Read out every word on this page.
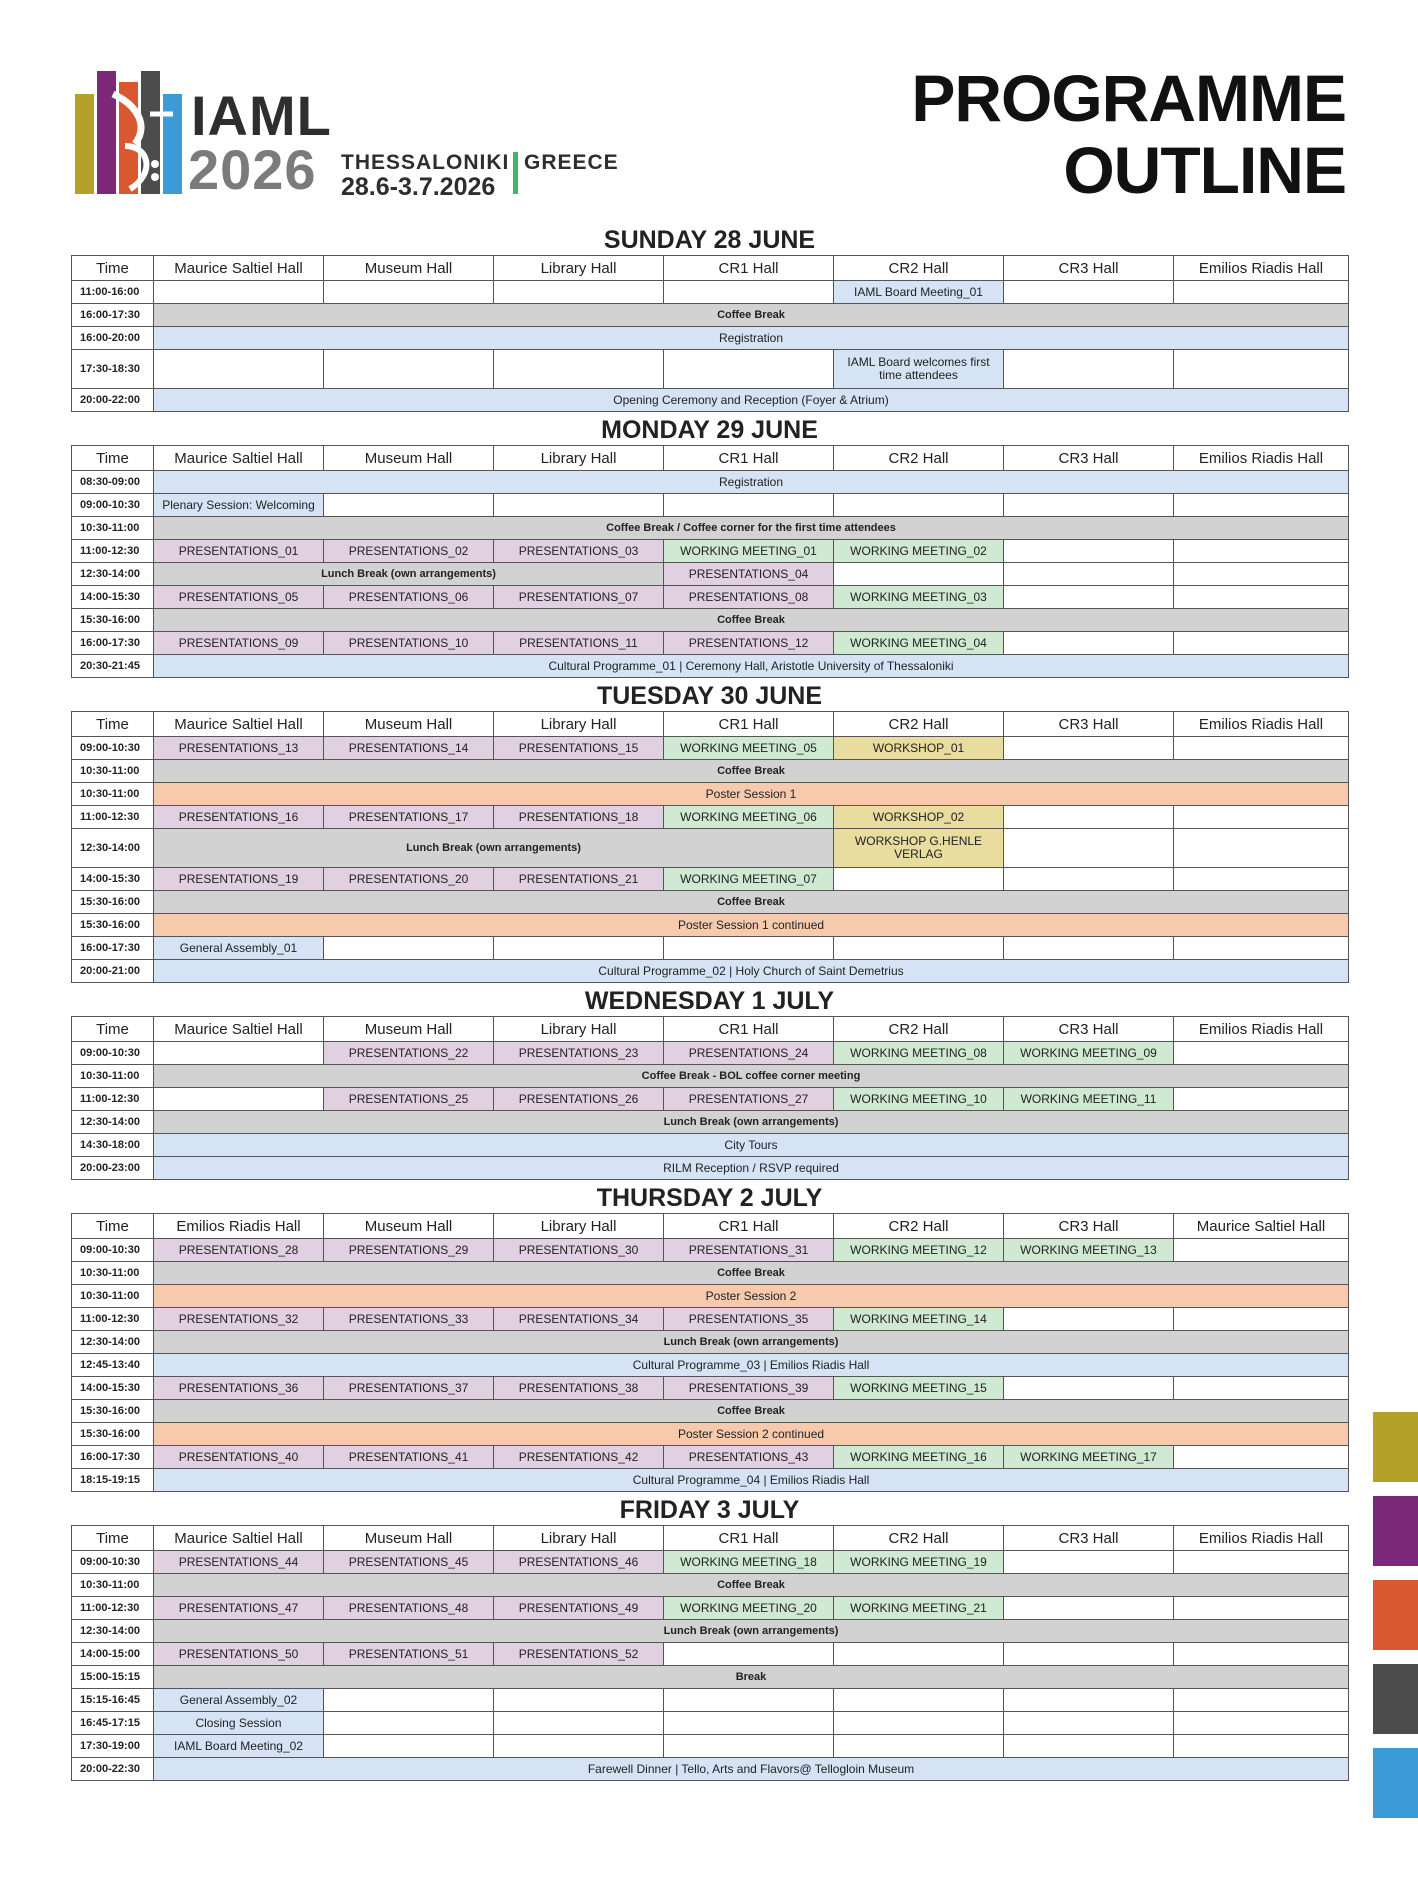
IAML
2026 THESSALONIKI GREECE
28.6-3.7.2026
PROGRAMME
OUTLINE
SUNDAY 28 JUNE
Time	Maurice Saltiel Hall	Museum Hall	Library Hall	CR1 Hall	CR2 Hall	CR3 Hall	Emilios Riadis Hall
11:00-16:00					IAML Board Meeting_01		
16:00-17:30	Coffee Break						
16:00-20:00	Registration						
17:30-18:30					IAML Board welcomes first time attendees		
20:00-22:00	Opening Ceremony and Reception (Foyer & Atrium)						
MONDAY 29 JUNE
Time	Maurice Saltiel Hall	Museum Hall	Library Hall	CR1 Hall	CR2 Hall	CR3 Hall	Emilios Riadis Hall
08:30-09:00	Registration						
09:00-10:30	Plenary Session: Welcoming						
10:30-11:00	Coffee Break / Coffee corner for the first time attendees						
11:00-12:30	PRESENTATIONS_01	PRESENTATIONS_02	PRESENTATIONS_03	WORKING MEETING_01	WORKING MEETING_02		
12:30-14:00	Lunch Break (own arrangements)			PRESENTATIONS_04			
14:00-15:30	PRESENTATIONS_05	PRESENTATIONS_06	PRESENTATIONS_07	PRESENTATIONS_08	WORKING MEETING_03		
15:30-16:00	Coffee Break						
16:00-17:30	PRESENTATIONS_09	PRESENTATIONS_10	PRESENTATIONS_11	PRESENTATIONS_12	WORKING MEETING_04		
20:30-21:45	Cultural Programme_01 | Ceremony Hall, Aristotle University of Thessaloniki						
TUESDAY 30 JUNE
Time	Maurice Saltiel Hall	Museum Hall	Library Hall	CR1 Hall	CR2 Hall	CR3 Hall	Emilios Riadis Hall
09:00-10:30	PRESENTATIONS_13	PRESENTATIONS_14	PRESENTATIONS_15	WORKING MEETING_05	WORKSHOP_01		
10:30-11:00	Coffee Break						
10:30-11:00	Poster Session 1						
11:00-12:30	PRESENTATIONS_16	PRESENTATIONS_17	PRESENTATIONS_18	WORKING MEETING_06	WORKSHOP_02		
12:30-14:00	Lunch Break (own arrangements)				WORKSHOP G.HENLE VERLAG		
14:00-15:30	PRESENTATIONS_19	PRESENTATIONS_20	PRESENTATIONS_21	WORKING MEETING_07			
15:30-16:00	Coffee Break						
15:30-16:00	Poster Session 1 continued						
16:00-17:30	General Assembly_01						
20:00-21:00	Cultural Programme_02 | Holy Church of Saint Demetrius						
WEDNESDAY 1 JULY
Time	Maurice Saltiel Hall	Museum Hall	Library Hall	CR1 Hall	CR2 Hall	CR3 Hall	Emilios Riadis Hall
09:00-10:30		PRESENTATIONS_22	PRESENTATIONS_23	PRESENTATIONS_24	WORKING MEETING_08	WORKING MEETING_09	
10:30-11:00	Coffee Break - BOL coffee corner meeting						
11:00-12:30		PRESENTATIONS_25	PRESENTATIONS_26	PRESENTATIONS_27	WORKING MEETING_10	WORKING MEETING_11	
12:30-14:00	Lunch Break (own arrangements)						
14:30-18:00	City Tours						
20:00-23:00	RILM Reception / RSVP required						
THURSDAY 2 JULY
Time	Emilios Riadis Hall	Museum Hall	Library Hall	CR1 Hall	CR2 Hall	CR3 Hall	Maurice Saltiel Hall
09:00-10:30	PRESENTATIONS_28	PRESENTATIONS_29	PRESENTATIONS_30	PRESENTATIONS_31	WORKING MEETING_12	WORKING MEETING_13	
10:30-11:00	Coffee Break						
10:30-11:00	Poster Session 2						
11:00-12:30	PRESENTATIONS_32	PRESENTATIONS_33	PRESENTATIONS_34	PRESENTATIONS_35	WORKING MEETING_14		
12:30-14:00	Lunch Break (own arrangements)						
12:45-13:40	Cultural Programme_03 | Emilios Riadis Hall						
14:00-15:30	PRESENTATIONS_36	PRESENTATIONS_37	PRESENTATIONS_38	PRESENTATIONS_39	WORKING MEETING_15		
15:30-16:00	Coffee Break						
15:30-16:00	Poster Session 2 continued						
16:00-17:30	PRESENTATIONS_40	PRESENTATIONS_41	PRESENTATIONS_42	PRESENTATIONS_43	WORKING MEETING_16	WORKING MEETING_17	
18:15-19:15	Cultural Programme_04 | Emilios Riadis Hall						
FRIDAY 3 JULY
Time	Maurice Saltiel Hall	Museum Hall	Library Hall	CR1 Hall	CR2 Hall	CR3 Hall	Emilios Riadis Hall
09:00-10:30	PRESENTATIONS_44	PRESENTATIONS_45	PRESENTATIONS_46	WORKING MEETING_18	WORKING MEETING_19		
10:30-11:00	Coffee Break						
11:00-12:30	PRESENTATIONS_47	PRESENTATIONS_48	PRESENTATIONS_49	WORKING MEETING_20	WORKING MEETING_21		
12:30-14:00	Lunch Break (own arrangements)						
14:00-15:00	PRESENTATIONS_50	PRESENTATIONS_51	PRESENTATIONS_52				
15:00-15:15	Break						
15:15-16:45	General Assembly_02						
16:45-17:15	Closing Session						
17:30-19:00	IAML Board Meeting_02						
20:00-22:30	Farewell Dinner | Tello, Arts and Flavors@ Tellogloin Museum						
